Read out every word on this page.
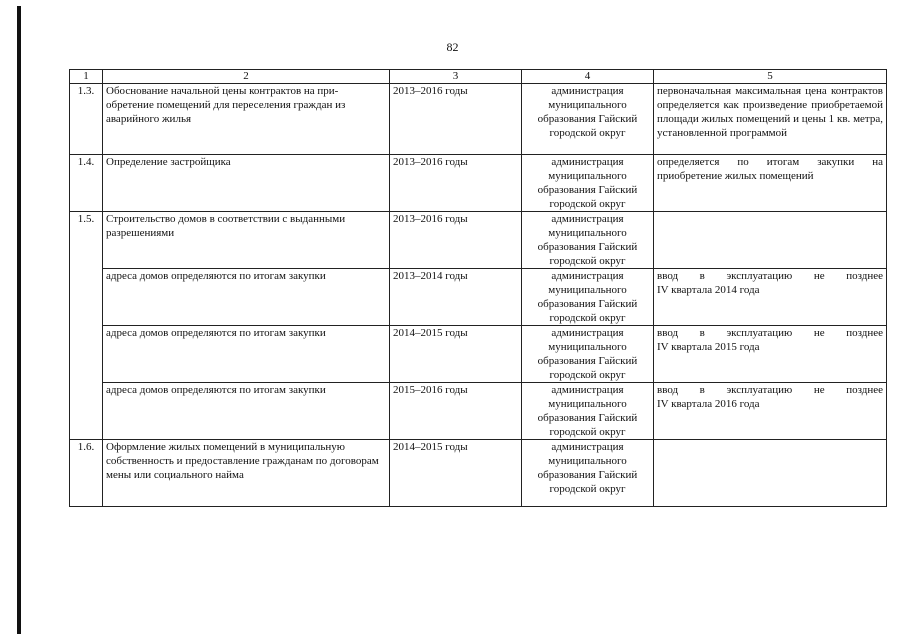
82
1	2	3	4	5
1.3.	Обоснование начальной цены контрактов на при-обретение помещений для переселения граждан из аварийного жилья	2013–2016 годы	администрация муниципального образования Гайский городской округ	первоначальная максимальная цена контрактов определяется как произведение приобретаемой площади жилых помещений и цены 1 кв. метра,
установленной программой

1.4.	Определение застройщика	2013–2016 годы	администрация муниципального образования Гайский городской округ	определяется по итогам закупки на
приобретение жилых помещений

1.5.	Строительство домов в соответствии с выданными разрешениями	2013–2016 годы	администрация муниципального образования Гайский городской округ	
	адреса домов определяются по итогам закупки	2013–2014 годы	администрация муниципального образования Гайский городской округ	ввод в эксплуатацию не позднее
IV квартала 2014 года

	адреса домов определяются по итогам закупки	2014–2015 годы	администрация муниципального образования Гайский городской округ	ввод в эксплуатацию не позднее
IV квартала 2015 года

	адреса домов определяются по итогам закупки	2015–2016 годы	администрация муниципального образования Гайский городской округ	ввод в эксплуатацию не позднее
IV квартала 2016 года

1.6.	Оформление жилых помещений в муниципальную собственность и предоставление гражданам по договорам мены или социального найма	2014–2015 годы	администрация муниципального образования Гайский городской округ	
